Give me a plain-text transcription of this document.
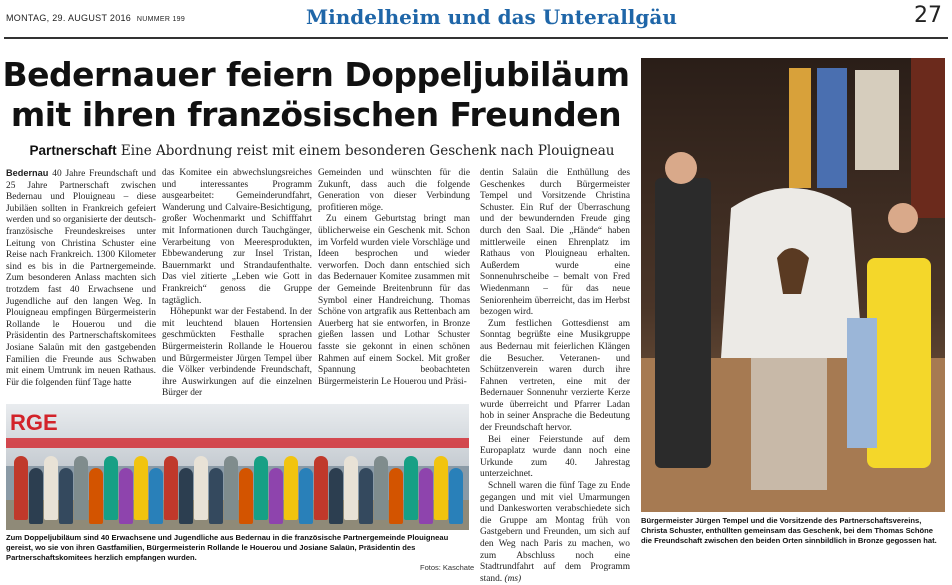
MONTAG, 29. AUGUST 2016 NUMMER 199	Mindelheim und das Unterallgäu	27
Bedernauer feiern Doppeljubiläum
mit ihren französischen Freunden
Partnerschaft Eine Abordnung reist mit einem besonderen Geschenk nach Plouigneau

Bedernau 40 Jahre Freundschaft und 25 Jahre Partnerschaft zwischen Bedernau und Plouigneau – diese Jubiläen sollten in Frankreich gefeiert werden und so organisierte der deutsch-französische Freundeskreises unter Leitung von Christina Schuster eine Reise nach Frankreich. 1300 Kilometer sind es bis in die Partnergemeinde. Zum besonderen Anlass machten sich trotzdem fast 40 Erwachsene und Jugendliche auf den langen Weg. In Plouigneau empfingen Bürgermeisterin Rollande le Houerou und die Präsidentin des Partnerschaftskomitees Josiane Salaün mit den gastgebenden Familien die Freunde aus Schwaben mit einem Umtrunk im neuen Rathaus. Für die folgenden fünf Tage hatte

das Komitee ein abwechslungsreiches und interessantes Programm ausgearbeitet: Gemeinderundfahrt, Wanderung und Calvaire-Besichtigung, großer Wochenmarkt und Schifffahrt mit Informationen durch Tauchgänger, Verarbeitung von Meeresprodukten, Ebbewanderung zur Insel Tristan, Bauernmarkt und Strandaufenthalte. Das viel zitierte „Leben wie Gott in Frankreich“ genoss die Gruppe tagtäglich.

Höhepunkt war der Festabend. In der mit leuchtend blauen Hortensien geschmückten Festhalle sprachen Bürgermeisterin Rollande le Houerou und Bürgermeister Jürgen Tempel über die Völker verbindende Freundschaft, ihre Auswirkungen auf die einzelnen Bürger der

Gemeinden und wünschten für die Zukunft, dass auch die folgende Generation von dieser Verbindung profitieren möge.

Zu einem Geburtstag bringt man üblicherweise ein Geschenk mit. Schon im Vorfeld wurden viele Vorschläge und Ideen besprochen und wieder verworfen. Doch dann entschied sich das Bedernauer Komitee zusammen mit der Gemeinde Breitenbrunn für das Symbol einer Handreichung. Thomas Schöne von artgrafik aus Rettenbach am Auerberg hat sie entworfen, in Bronze gießen lassen und Lothar Schuster fasste sie gekonnt in einen schönen Rahmen auf einem Sockel. Mit großer Spannung beobachteten Bürgermeisterin Le Houerou und Präsi-

dentin Salaün die Enthüllung des Geschenkes durch Bürgermeister Tempel und Vorsitzende Christina Schuster. Ein Ruf der Überraschung und der bewundernden Freude ging durch den Saal. Die „Hände“ haben mittlerweile einen Ehrenplatz im Rathaus von Plouigneau erhalten. Außerdem wurde eine Sonnenuhrscheibe – bemalt von Fred Wiedenmann – für das neue Seniorenheim überreicht, das im Herbst bezogen wird.

Zum festlichen Gottesdienst am Sonntag begrüßte eine Musikgruppe aus Bedernau mit feierlichen Klängen die Besucher. Veteranen- und Schützenverein waren durch ihre Fahnen vertreten, eine mit der Bedernauer Sonnenuhr verzierte Kerze wurde überreicht und Pfarrer Ladan hob in seiner Ansprache die Bedeutung der Freundschaft hervor.

Bei einer Feierstunde auf dem Europaplatz wurde dann noch eine Urkunde zum 40. Jahrestag unterzeichnet.

Schnell waren die fünf Tage zu Ende gegangen und mit viel Umarmungen und Dankesworten verabschiedete sich die Gruppe am Montag früh von Gastgebern und Freunden, um sich auf den Weg nach Paris zu machen, wo zum Abschluss noch eine Stadtrundfahrt auf dem Programm stand. (ms)

RGE
Zum Doppeljubiläum sind 40 Erwachsene und Jugendliche aus Bedernau in die französische Partnergemeinde Plouigneau gereist, wo sie von ihren Gastfamilien, Bürgermeisterin Rollande le Houerou und Josiane Salaün, Präsidentin des Partnerschaftskomitees herzlich empfangen wurden.
Fotos: Kaschate
Bürgermeister Jürgen Tempel und die Vorsitzende des Partnerschaftsvereins, Christa Schuster, enthüllten gemeinsam das Geschenk, bei dem Thomas Schöne die Freundschaft zwischen den beiden Orten sinnbildlich in Bronze gegossen hat.
